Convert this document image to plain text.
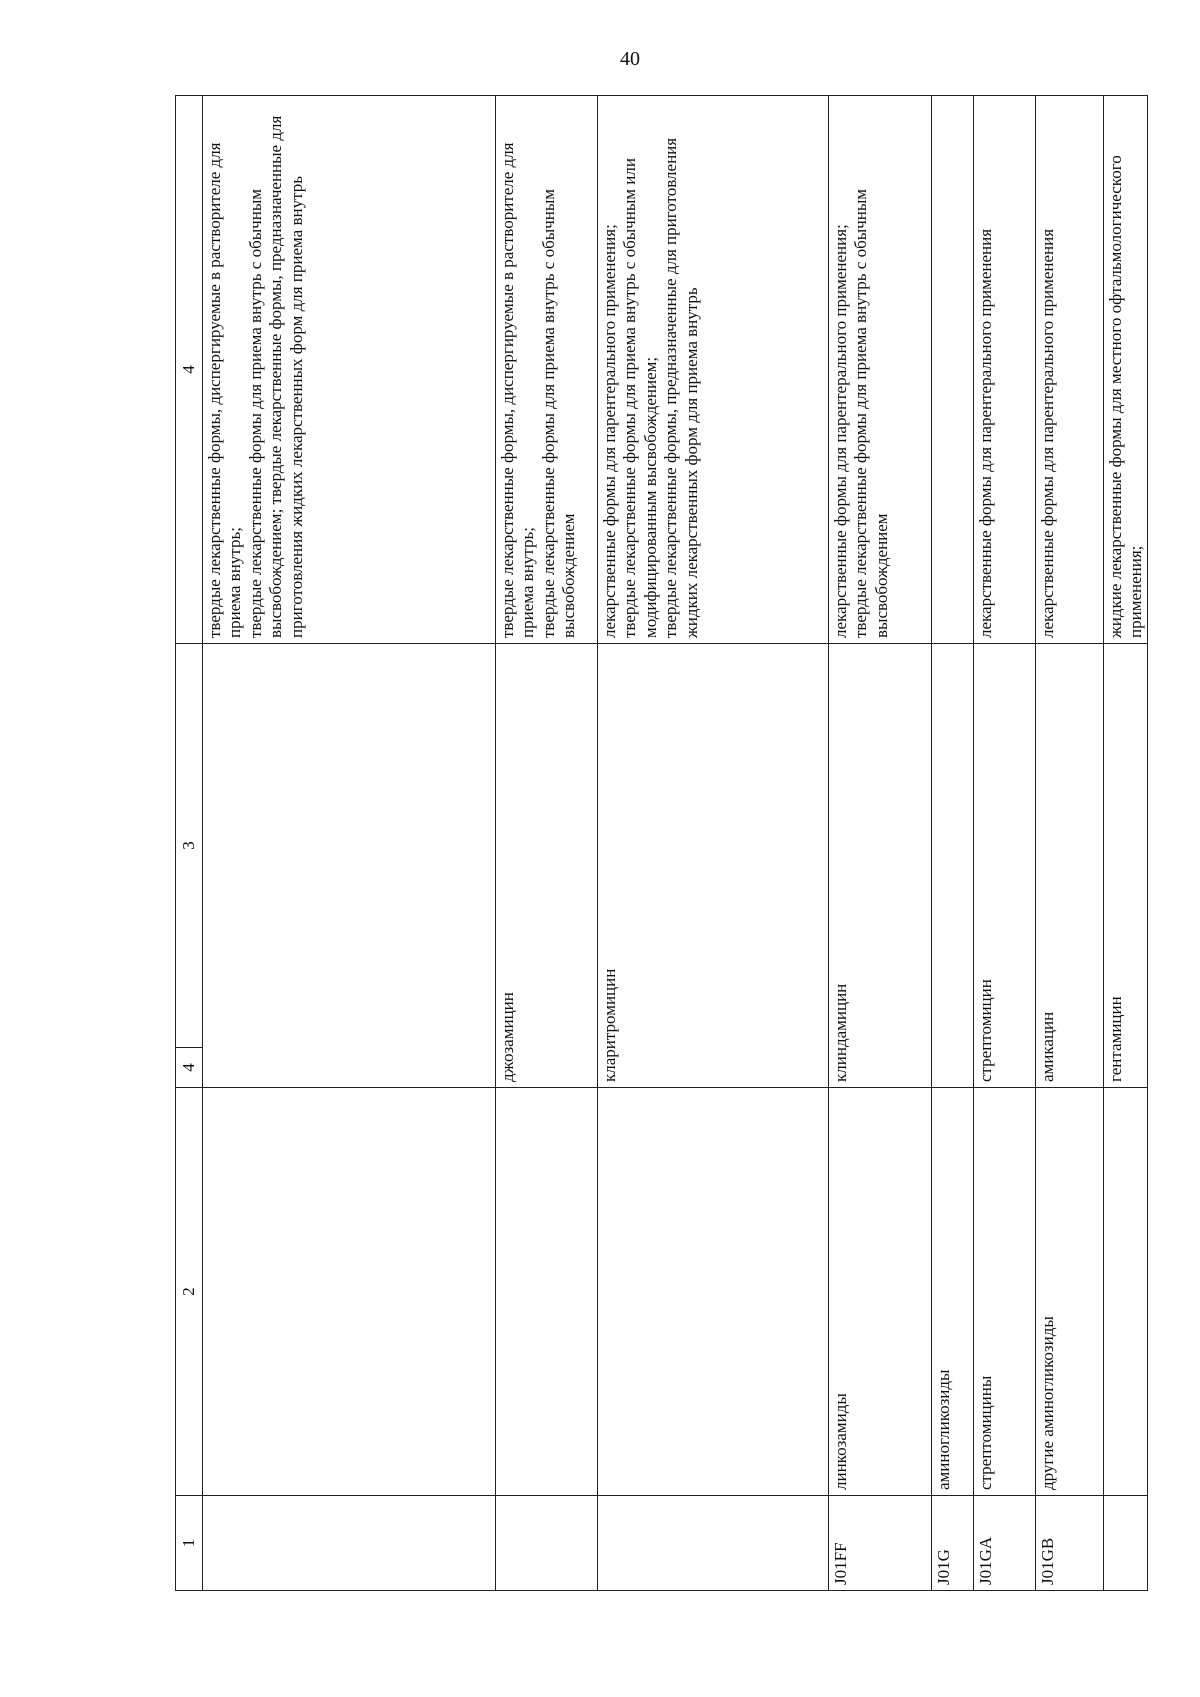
40
1	2	4	3	4

				твердые лекарственные формы, диспергируемые в растворителе для приема внутрь; твердые лекарственные формы для приема внутрь с обычным высвобождением; твердые лекарственные формы, предназначенные для приготовления жидких лекарственных форм для приема внутрь

		джозамицин		твердые лекарственные формы, диспергируемые в растворителе для приема внутрь; твердые лекарственные формы для приема внутрь с обычным высвобождением

		кларитромицин		лекарственные формы для парентерального применения; твердые лекарственные формы для приема внутрь с обычным или модифицированным высвобождением; твердые лекарственные формы, предназначенные для приготовления жидких лекарственных форм для приема внутрь

J01FF	линкозамиды	клиндамицин		лекарственные формы для парентерального применения; твердые лекарственные формы для приема внутрь с обычным высвобождением

J01G	аминогликозиды			
J01GA	стрептомицины	стрептомицин		лекарственные формы для парентерального применения

J01GB	другие аминогликозиды	амикацин		лекарственные формы для парентерального применения

		гентамицин		жидкие лекарственные формы для местного офтальмологического применения;
